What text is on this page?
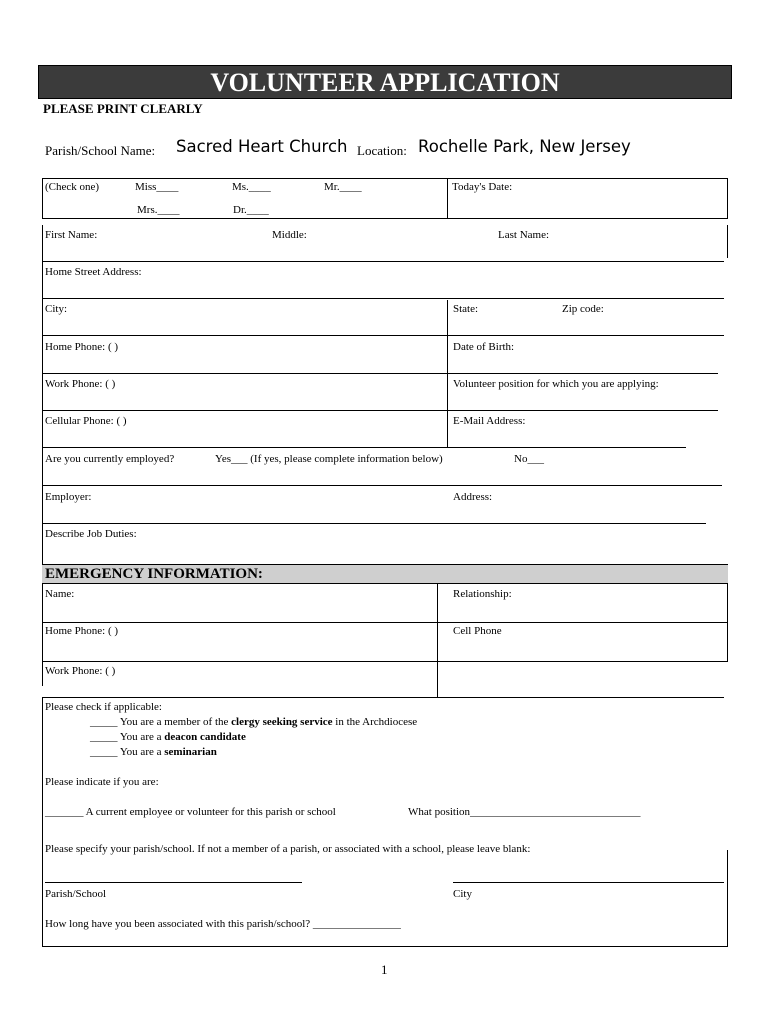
VOLUNTEER APPLICATION
PLEASE PRINT CLEARLY
Parish/School Name: Sacred Heart Church Location: Rochelle Park, New Jersey
(Check one)	Miss____	Ms.____	Mr.____
Mrs.____	Dr.____
Today's Date:
First Name:	Middle:	Last Name:
Home Street Address:
City:	State:	Zip code:
Home Phone: ( )	Date of Birth:
Work Phone: ( )	Volunteer position for which you are applying:
Cellular Phone: ( )	E-Mail Address:
Are you currently employed?	Yes___ (If yes, please complete information below)	No___
Employer:	Address:
Describe Job Duties:
EMERGENCY INFORMATION:
Name:	Relationship:
Home Phone: ( )	Cell Phone
Work Phone: ( )
Please check if applicable:
_____ You are a member of the clergy seeking service in the Archdiocese
_____ You are a deacon candidate
_____ You are a seminarian
Please indicate if you are:
_______ A current employee or volunteer for this parish or school	What position_______________________________
Please specify your parish/school. If not a member of a parish, or associated with a school, please leave blank:
Parish/School	City
How long have you been associated with this parish/school? ________________
1
